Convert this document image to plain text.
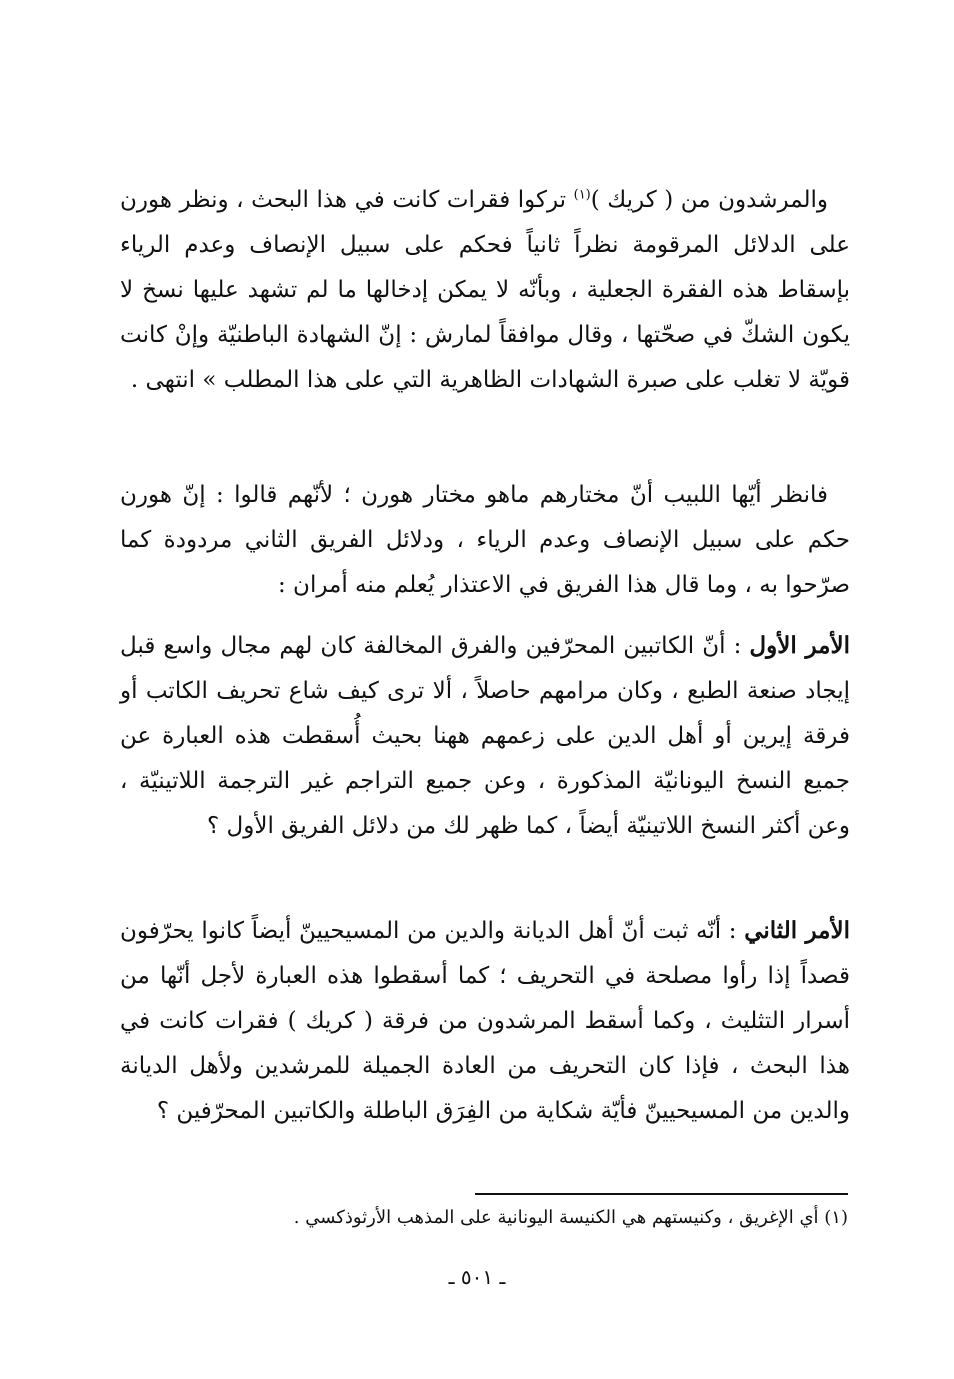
والمرشدون من ( كريك )$^{(١)}$ تركوا فقرات كانت في هذا البحث ، ونظر هورن على الدلائل المرقومة نظراً ثانياً فحكم على سبيل الإنصاف وعدم الرياء بإسقاط هذه الفقرة الجعلية ، وبأنّه لا يمكن إدخالها ما لم تشهد عليها نسخ لا يكون الشكّ في صحّتها ، وقال موافقاً لمارش : إنّ الشهادة الباطنيّة وإنْ كانت قويّة لا تغلب على صبرة الشهادات الظاهرية التي على هذا المطلب » انتهى .

فانظر أيّها اللبيب أنّ مختارهم ماهو مختار هورن ؛ لأنّهم قالوا : إنّ هورن حكم على سبيل الإنصاف وعدم الرياء ، ودلائل الفريق الثاني مردودة كما صرّحوا به ، وما قال هذا الفريق في الاعتذار يُعلم منه أمران :

الأمر الأول : أنّ الكاتبين المحرّفين والفرق المخالفة كان لهم مجال واسع قبل إيجاد صنعة الطبع ، وكان مرامهم حاصلاً ، ألا ترى كيف شاع تحريف الكاتب أو فرقة إيرين أو أهل الدين على زعمهم ههنا بحيث أُسقطت هذه العبارة عن جميع النسخ اليونانيّة المذكورة ، وعن جميع التراجم غير الترجمة اللاتينيّة ، وعن أكثر النسخ اللاتينيّة أيضاً ، كما ظهر لك من دلائل الفريق الأول ؟

الأمر الثاني : أنّه ثبت أنّ أهل الديانة والدين من المسيحيينّ أيضاً كانوا يحرّفون قصداً إذا رأوا مصلحة في التحريف ؛ كما أسقطوا هذه العبارة لأجل أنّها من أسرار التثليث ، وكما أسقط المرشدون من فرقة ( كريك ) فقرات كانت في هذا البحث ، فإذا كان التحريف من العادة الجميلة للمرشدين ولأهل الديانة والدين من المسيحيينّ فأيّة شكاية من الفِرَق الباطلة والكاتبين المحرّفين ؟

(١) أي الإغريق ، وكنيستهم هي الكنيسة اليونانية على المذهب الأرثوذكسي .
ـ ٥٠١ ـ
